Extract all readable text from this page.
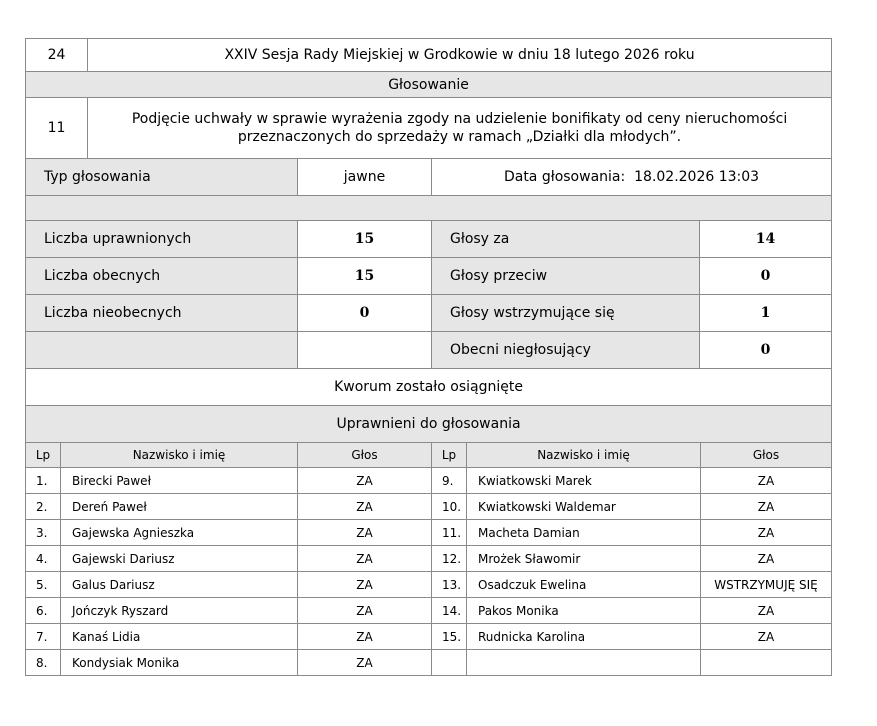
24	XXIV Sesja Rady Miejskiej w Grodkowie w dniu 18 lutego 2026 roku			
Głosowanie				
11	Podjęcie uchwały w sprawie wyrażenia zgody na udzielenie bonifikaty od ceny nieruchomości przeznaczonych do sprzedaży w ramach „Działki dla młodych”.			
Typ głosowania		jawne	Data głosowania: 18.02.2026 13:03	

Liczba uprawnionych		15	Głosy za	14
Liczba obecnych		15	Głosy przeciw	0
Liczba nieobecnych		0	Głosy wstrzymujące się	1
			Obecni niegłosujący	0
Kworum zostało osiągnięte				
Uprawnieni do głosowania				
Lp	Nazwisko i imię	Głos	Lp	Nazwisko i imię	Głos
1.	Birecki Paweł	ZA	9.	Kwiatkowski Marek	ZA
2.	Dereń Paweł	ZA	10.	Kwiatkowski Waldemar	ZA
3.	Gajewska Agnieszka	ZA	11.	Macheta Damian	ZA
4.	Gajewski Dariusz	ZA	12.	Mrożek Sławomir	ZA
5.	Galus Dariusz	ZA	13.	Osadczuk Ewelina	WSTRZYMUJĘ SIĘ
6.	Jończyk Ryszard	ZA	14.	Pakos Monika	ZA
7.	Kanaś Lidia	ZA	15.	Rudnicka Karolina	ZA
8.	Kondysiak Monika	ZA			
